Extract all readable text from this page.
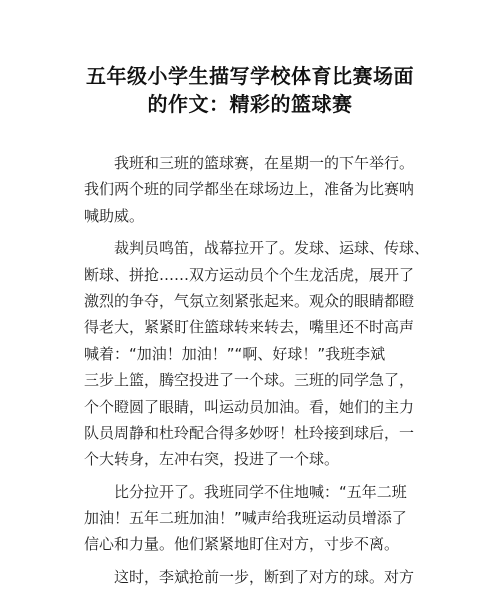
五年级小学生描写学校体育比赛场面
的作文：精彩的篮球赛
　　我班和三班的篮球赛，在星期一的下午举行。
我们两个班的同学都坐在球场边上，准备为比赛呐
喊助威。
　　裁判员鸣笛，战幕拉开了。发球、运球、传球、
断球、拼抢……双方运动员个个生龙活虎，展开了
激烈的争夺，气氛立刻紧张起来。观众的眼睛都瞪
得老大，紧紧盯住篮球转来转去，嘴里还不时高声
喊着：“加油！加油！”“啊、好球！”我班李斌
三步上篮，腾空投进了一个球。三班的同学急了，
个个瞪圆了眼睛，叫运动员加油。看，她们的主力
队员周静和杜玲配合得多妙呀！杜玲接到球后，一
个大转身，左冲右突，投进了一个球。
　　比分拉开了。我班同学不住地喊：“五年二班
加油！五年二班加油！”喊声给我班运动员增添了
信心和力量。他们紧紧地盯住对方，寸步不离。
　　这时，李斌抢前一步，断到了对方的球。对方
